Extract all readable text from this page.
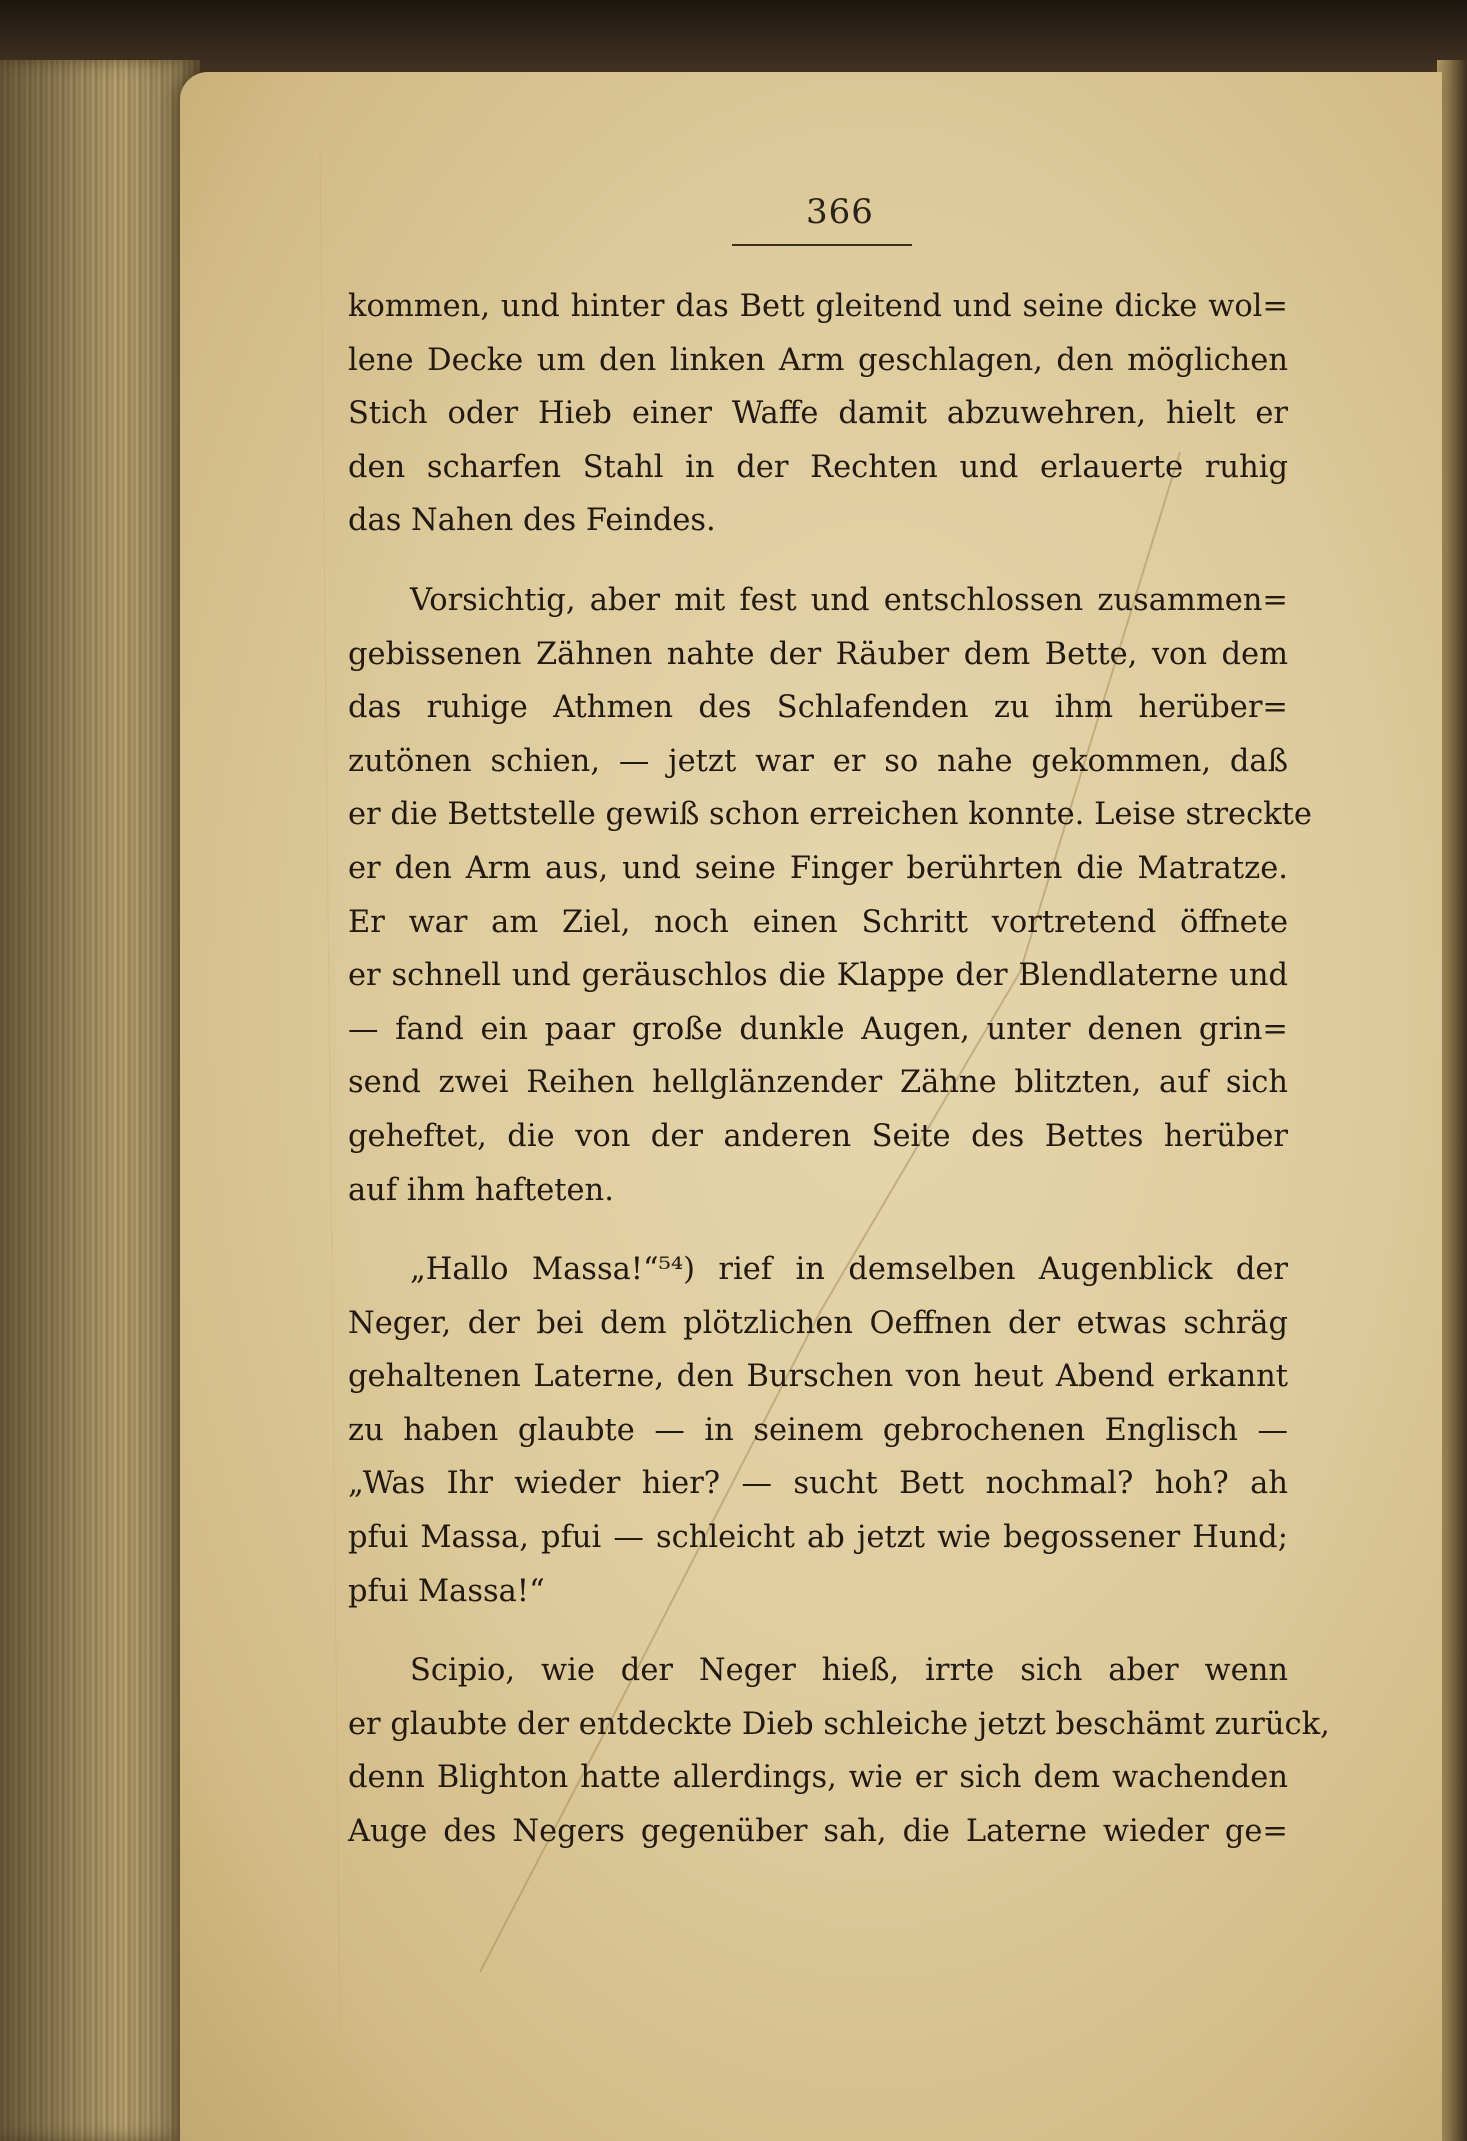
366
kommen, und hinter das Bett gleitend und seine dicke wol=
lene Decke um den linken Arm geschlagen, den möglichen
Stich oder Hieb einer Waffe damit abzuwehren, hielt er
den scharfen Stahl in der Rechten und erlauerte ruhig
das Nahen des Feindes.
Vorsichtig, aber mit fest und entschlossen zusammen=
gebissenen Zähnen nahte der Räuber dem Bette, von dem
das ruhige Athmen des Schlafenden zu ihm herüber=
zutönen schien, — jetzt war er so nahe gekommen, daß
er die Bettstelle gewiß schon erreichen konnte. Leise streckte
er den Arm aus, und seine Finger berührten die Matratze.
Er war am Ziel, noch einen Schritt vortretend öffnete
er schnell und geräuschlos die Klappe der Blendlaterne und
— fand ein paar große dunkle Augen, unter denen grin=
send zwei Reihen hellglänzender Zähne blitzten, auf sich
geheftet, die von der anderen Seite des Bettes herüber
auf ihm hafteten.
„Hallo Massa!“⁵⁴) rief in demselben Augenblick der
Neger, der bei dem plötzlichen Oeffnen der etwas schräg
gehaltenen Laterne, den Burschen von heut Abend erkannt
zu haben glaubte — in seinem gebrochenen Englisch —
„Was Ihr wieder hier? — sucht Bett nochmal? hoh? ah
pfui Massa, pfui — schleicht ab jetzt wie begossener Hund;
pfui Massa!“
Scipio, wie der Neger hieß, irrte sich aber wenn
er glaubte der entdeckte Dieb schleiche jetzt beschämt zurück,
denn Blighton hatte allerdings, wie er sich dem wachenden
Auge des Negers gegenüber sah, die Laterne wieder ge=
